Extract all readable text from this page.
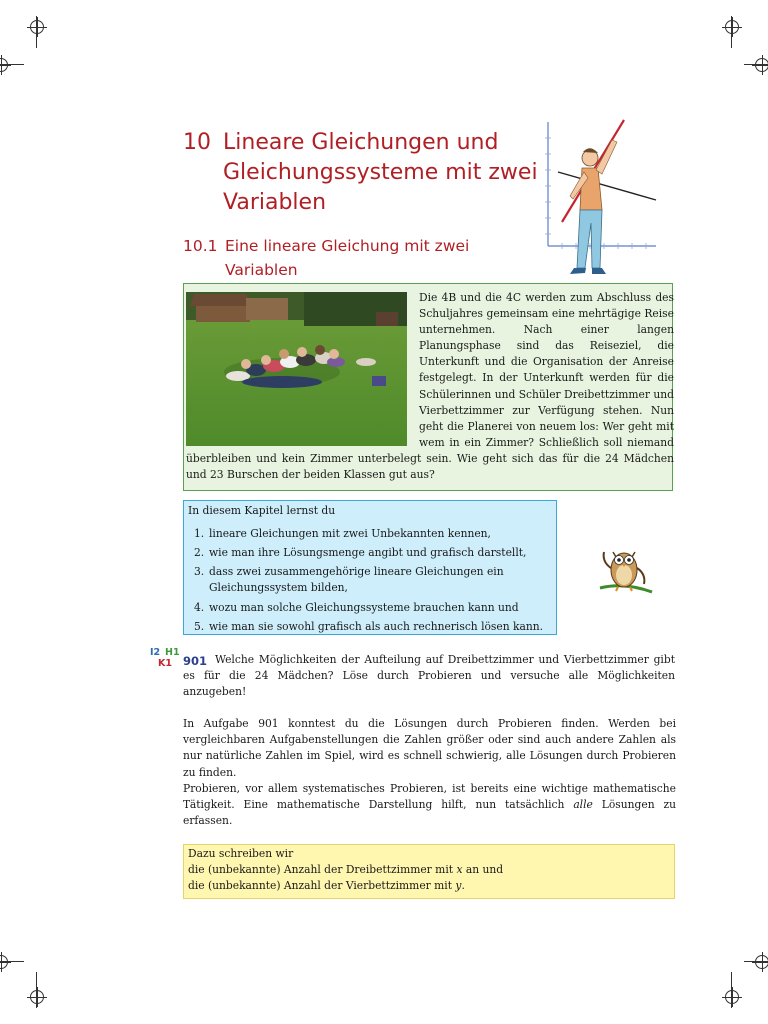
10 Lineare Gleichungen und Gleichungssysteme mit zwei Variablen
10.1 Eine lineare Gleichung mit zwei Variablen
Die 4B und die 4C werden zum Abschluss des Schuljahres gemeinsam eine mehrtägige Reise unternehmen. Nach einer langen Planungsphase sind das Reiseziel, die Unterkunft und die Organisation der Anreise festgelegt. In der Unterkunft werden für die Schülerinnen und Schüler Dreibettzimmer und Vierbettzimmer zur Verfügung stehen. Nun geht die Planerei von neuem los: Wer geht mit wem in ein Zimmer? Schließlich soll niemand überbleiben und kein Zimmer unterbelegt sein. Wie geht sich das für die 24 Mädchen und 23 Burschen der beiden Klassen gut aus?
In diesem Kapitel lernst du
1. lineare Gleichungen mit zwei Unbekannten kennen,
2. wie man ihre Lösungsmenge angibt und grafisch darstellt,
3. dass zwei zusammengehörige lineare Gleichungen ein Gleichungssystem bilden,
4. wozu man solche Gleichungssysteme brauchen kann und
5. wie man sie sowohl grafisch als auch rechnerisch lösen kann.
I2 H1
K1 901 Welche Möglichkeiten der Aufteilung auf Dreibettzimmer und Vierbettzimmer gibt es für die 24 Mädchen? Löse durch Probieren und versuche alle Möglichkeiten anzugeben!

In Aufgabe 901 konntest du die Lösungen durch Probieren finden. Werden bei vergleichbaren Aufgabenstellungen die Zahlen größer oder sind auch andere Zahlen als nur natürliche Zahlen im Spiel, wird es schnell schwierig, alle Lösungen durch Probieren zu finden.

Probieren, vor allem systematisches Probieren, ist bereits eine wichtige mathematische Tätigkeit. Eine mathematische Darstellung hilft, nun tatsächlich alle Lösungen zu erfassen.

Dazu schreiben wir
die (unbekannte) Anzahl der Dreibettzimmer mit x an und
die (unbekannte) Anzahl der Vierbettzimmer mit y.
